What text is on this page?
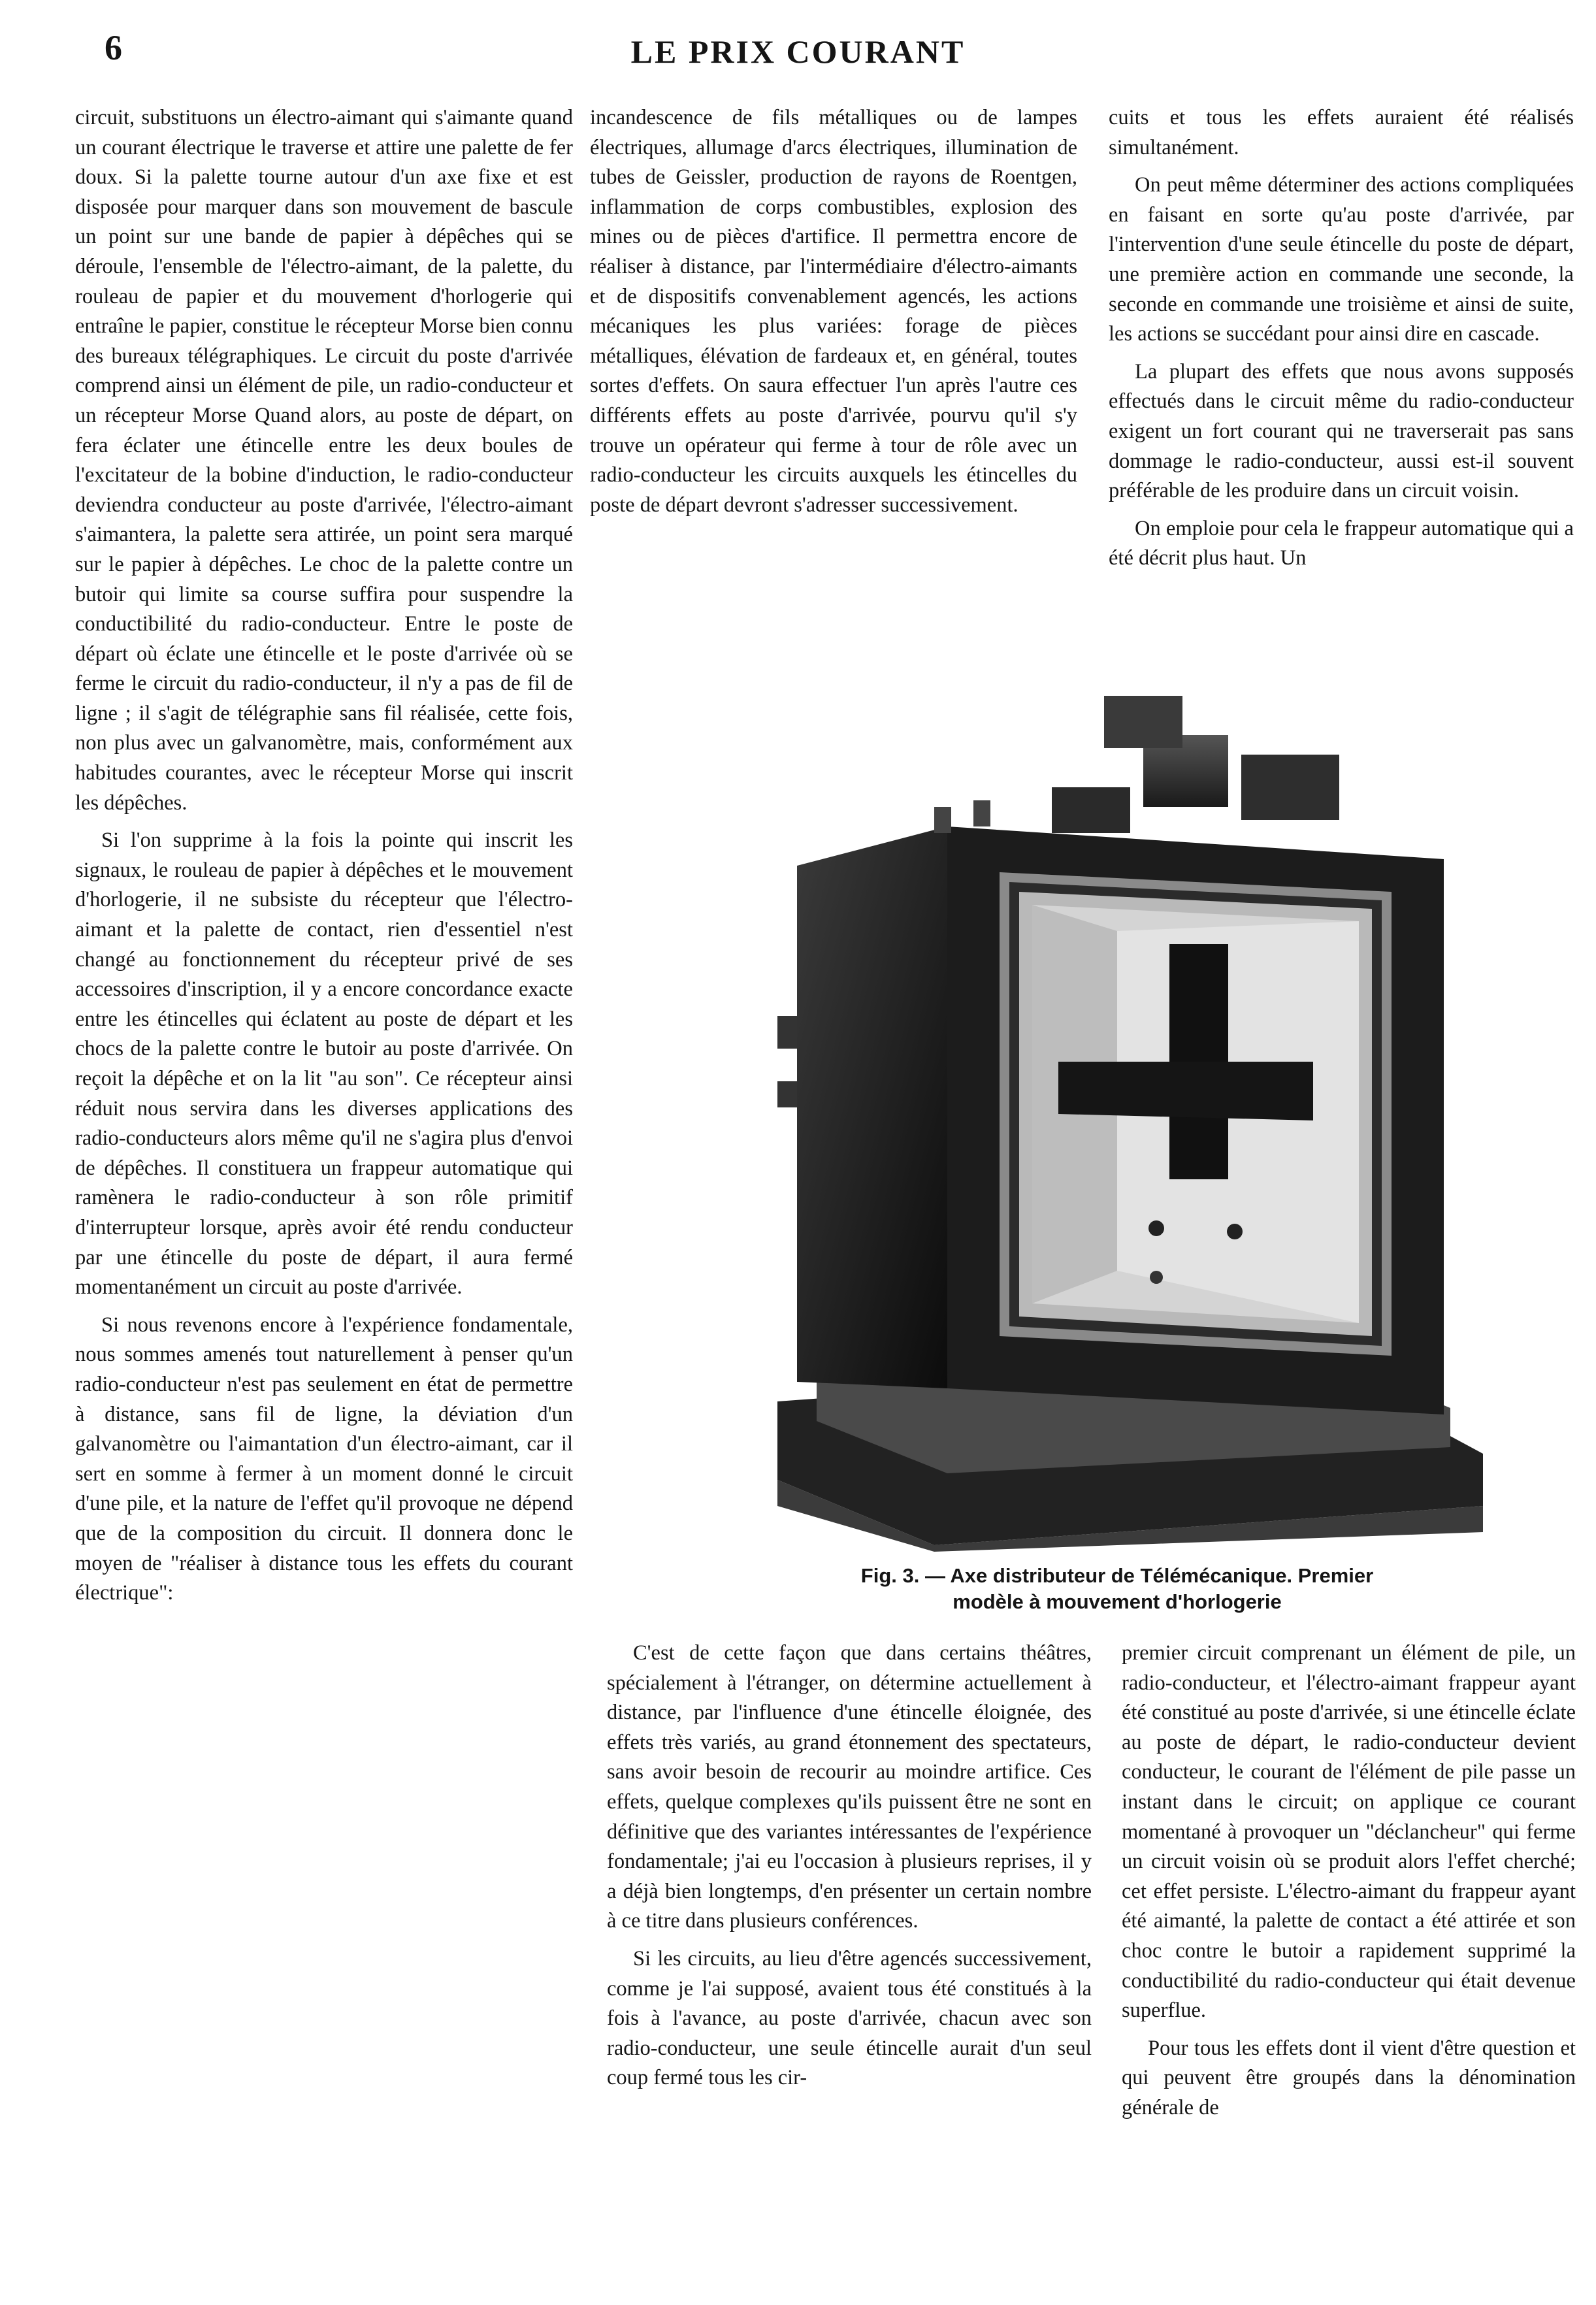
6	LE PRIX COURANT

circuit, substituons un électro-aimant qui s'aimante quand un courant électrique le traverse et attire une palette de fer doux. Si la palette tourne autour d'un axe fixe et est disposée pour marquer dans son mouvement de bascule un point sur une bande de papier à dépêches qui se déroule, l'ensemble de l'électro-aimant, de la palette, du rouleau de papier et du mouvement d'horlogerie qui entraîne le papier, constitue le récepteur Morse bien connu des bureaux télégraphiques. Le circuit du poste d'arrivée comprend ainsi un élément de pile, un radio-conducteur et un récepteur Morse Quand alors, au poste de départ, on fera éclater une étincelle entre les deux boules de l'excitateur de la bobine d'induction, le radio-conducteur deviendra conducteur au poste d'arrivée, l'électro-aimant s'aimantera, la palette sera attirée, un point sera marqué sur le papier à dépêches. Le choc de la palette contre un butoir qui limite sa course suffira pour suspendre la conductibilité du radio-conducteur. Entre le poste de départ où éclate une étincelle et le poste d'arrivée où se ferme le circuit du radio-conducteur, il n'y a pas de fil de ligne ; il s'agit de télégraphie sans fil réalisée, cette fois, non plus avec un galvanomètre, mais, conformément aux habitudes courantes, avec le récepteur Morse qui inscrit les dépêches.

Si l'on supprime à la fois la pointe qui inscrit les signaux, le rouleau de papier à dépêches et le mouvement d'horlogerie, il ne subsiste du récepteur que l'électro-aimant et la palette de contact, rien d'essentiel n'est changé au fonctionnement du récepteur privé de ses accessoires d'inscription, il y a encore concordance exacte entre les étincelles qui éclatent au poste de départ et les chocs de la palette contre le butoir au poste d'arrivée. On reçoit la dépêche et on la lit "au son". Ce récepteur ainsi réduit nous servira dans les diverses applications des radio-conducteurs alors même qu'il ne s'agira plus d'envoi de dépêches. Il constituera un frappeur automatique qui ramènera le radio-conducteur à son rôle primitif d'interrupteur lorsque, après avoir été rendu conducteur par une étincelle du poste de départ, il aura fermé momentanément un circuit au poste d'arrivée.

Si nous revenons encore à l'expérience fondamentale, nous sommes amenés tout naturellement à penser qu'un radio-conducteur n'est pas seulement en état de permettre à distance, sans fil de ligne, la déviation d'un galvanomètre ou l'aimantation d'un électro-aimant, car il sert en somme à fermer à un moment donné le circuit d'une pile, et la nature de l'effet qu'il provoque ne dépend que de la composition du circuit. Il donnera donc le moyen de "réaliser à distance tous les effets du courant électrique":

incandescence de fils métalliques ou de lampes électriques, allumage d'arcs électriques, illumination de tubes de Geissler, production de rayons de Roentgen, inflammation de corps combustibles, explosion des mines ou de pièces d'artifice. Il permettra encore de réaliser à distance, par l'intermédiaire d'électro-aimants et de dispositifs convenablement agencés, les actions mécaniques les plus variées: forage de pièces métalliques, élévation de fardeaux et, en général, toutes sortes d'effets. On saura effectuer l'un après l'autre ces différents effets au poste d'arrivée, pourvu qu'il s'y trouve un opérateur qui ferme à tour de rôle avec un radio-conducteur les circuits auxquels les étincelles du poste de départ devront s'adresser successivement.

cuits et tous les effets auraient été réalisés simultanément.

On peut même déterminer des actions compliquées en faisant en sorte qu'au poste d'arrivée, par l'intervention d'une seule étincelle du poste de départ, une première action en commande une seconde, la seconde en commande une troisième et ainsi de suite, les actions se succédant pour ainsi dire en cascade.

La plupart des effets que nous avons supposés effectués dans le circuit même du radio-conducteur exigent un fort courant qui ne traverserait pas sans dommage le radio-conducteur, aussi est-il souvent préférable de les produire dans un circuit voisin.

On emploie pour cela le frappeur automatique qui a été décrit plus haut. Un

Fig. 3. — Axe distributeur de Télémécanique. Premier
modèle à mouvement d'horlogerie

C'est de cette façon que dans certains théâtres, spécialement à l'étranger, on détermine actuellement à distance, par l'influence d'une étincelle éloignée, des effets très variés, au grand étonnement des spectateurs, sans avoir besoin de recourir au moindre artifice. Ces effets, quelque complexes qu'ils puissent être ne sont en définitive que des variantes intéressantes de l'expérience fondamentale; j'ai eu l'occasion à plusieurs reprises, il y a déjà bien longtemps, d'en présenter un certain nombre à ce titre dans plusieurs conférences.

Si les circuits, au lieu d'être agencés successivement, comme je l'ai supposé, avaient tous été constitués à la fois à l'avance, au poste d'arrivée, chacun avec son radio-conducteur, une seule étincelle aurait d'un seul coup fermé tous les cir-

premier circuit comprenant un élément de pile, un radio-conducteur, et l'électro-aimant frappeur ayant été constitué au poste d'arrivée, si une étincelle éclate au poste de départ, le radio-conducteur devient conducteur, le courant de l'élément de pile passe un instant dans le circuit; on applique ce courant momentané à provoquer un "déclancheur" qui ferme un circuit voisin où se produit alors l'effet cherché; cet effet persiste. L'électro-aimant du frappeur ayant été aimanté, la palette de contact a été attirée et son choc contre le butoir a rapidement supprimé la conductibilité du radio-conducteur qui était devenue superflue.

Pour tous les effets dont il vient d'être question et qui peuvent être groupés dans la dénomination générale de
